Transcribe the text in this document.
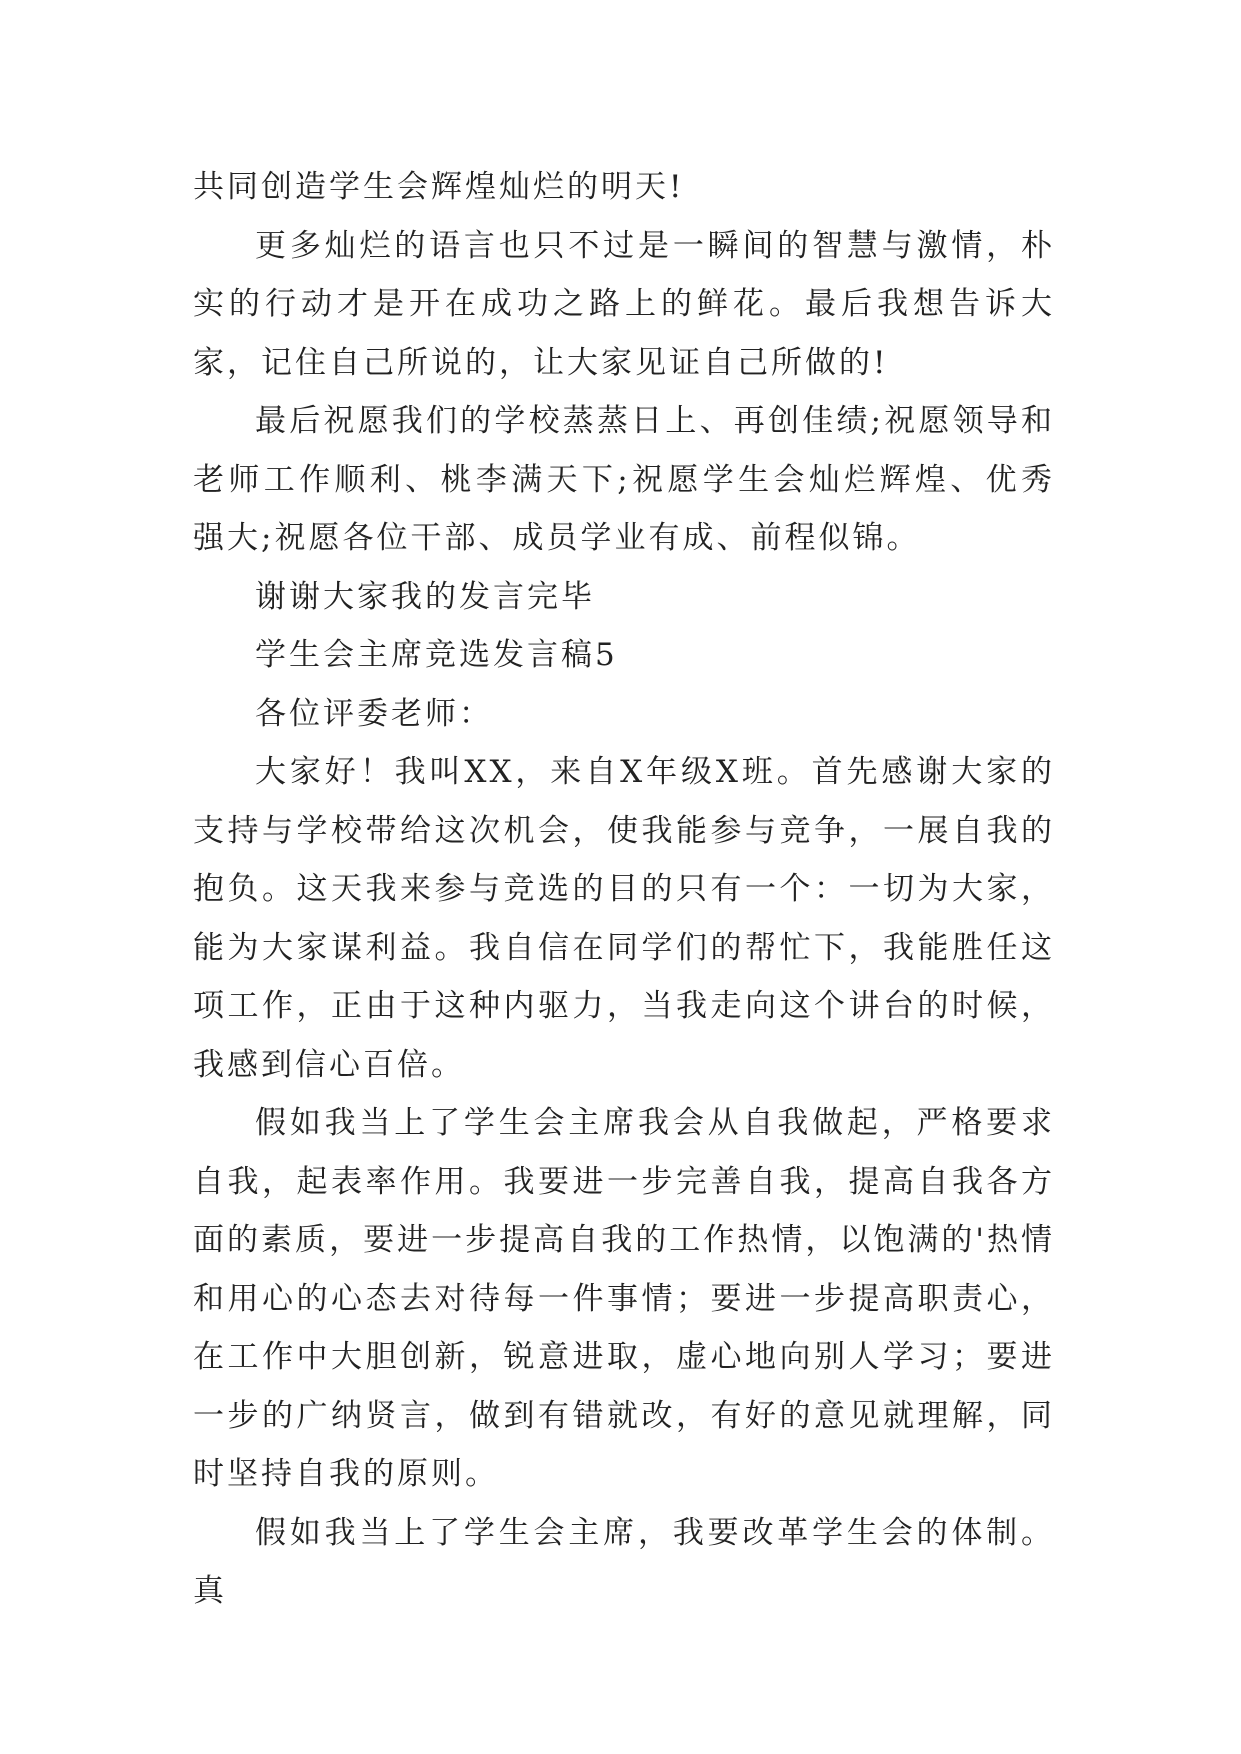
共同创造学生会辉煌灿烂的明天!

更多灿烂的语言也只不过是一瞬间的智慧与激情，朴实的行动才是开在成功之路上的鲜花。最后我想告诉大家，记住自己所说的，让大家见证自己所做的!

最后祝愿我们的学校蒸蒸日上、再创佳绩;祝愿领导和老师工作顺利、桃李满天下;祝愿学生会灿烂辉煌、优秀强大;祝愿各位干部、成员学业有成、前程似锦。

谢谢大家我的发言完毕

学生会主席竞选发言稿5

各位评委老师：

大家好！我叫XX，来自X年级X班。首先感谢大家的支持与学校带给这次机会，使我能参与竞争，一展自我的抱负。这天我来参与竞选的目的只有一个：一切为大家，能为大家谋利益。我自信在同学们的帮忙下，我能胜任这项工作，正由于这种内驱力，当我走向这个讲台的时候，我感到信心百倍。

假如我当上了学生会主席我会从自我做起，严格要求自我，起表率作用。我要进一步完善自我，提高自我各方面的素质，要进一步提高自我的工作热情，以饱满的'热情和用心的心态去对待每一件事情；要进一步提高职责心，在工作中大胆创新，锐意进取，虚心地向别人学习；要进一步的广纳贤言，做到有错就改，有好的意见就理解，同时坚持自我的原则。

假如我当上了学生会主席，我要改革学生会的体制。真
